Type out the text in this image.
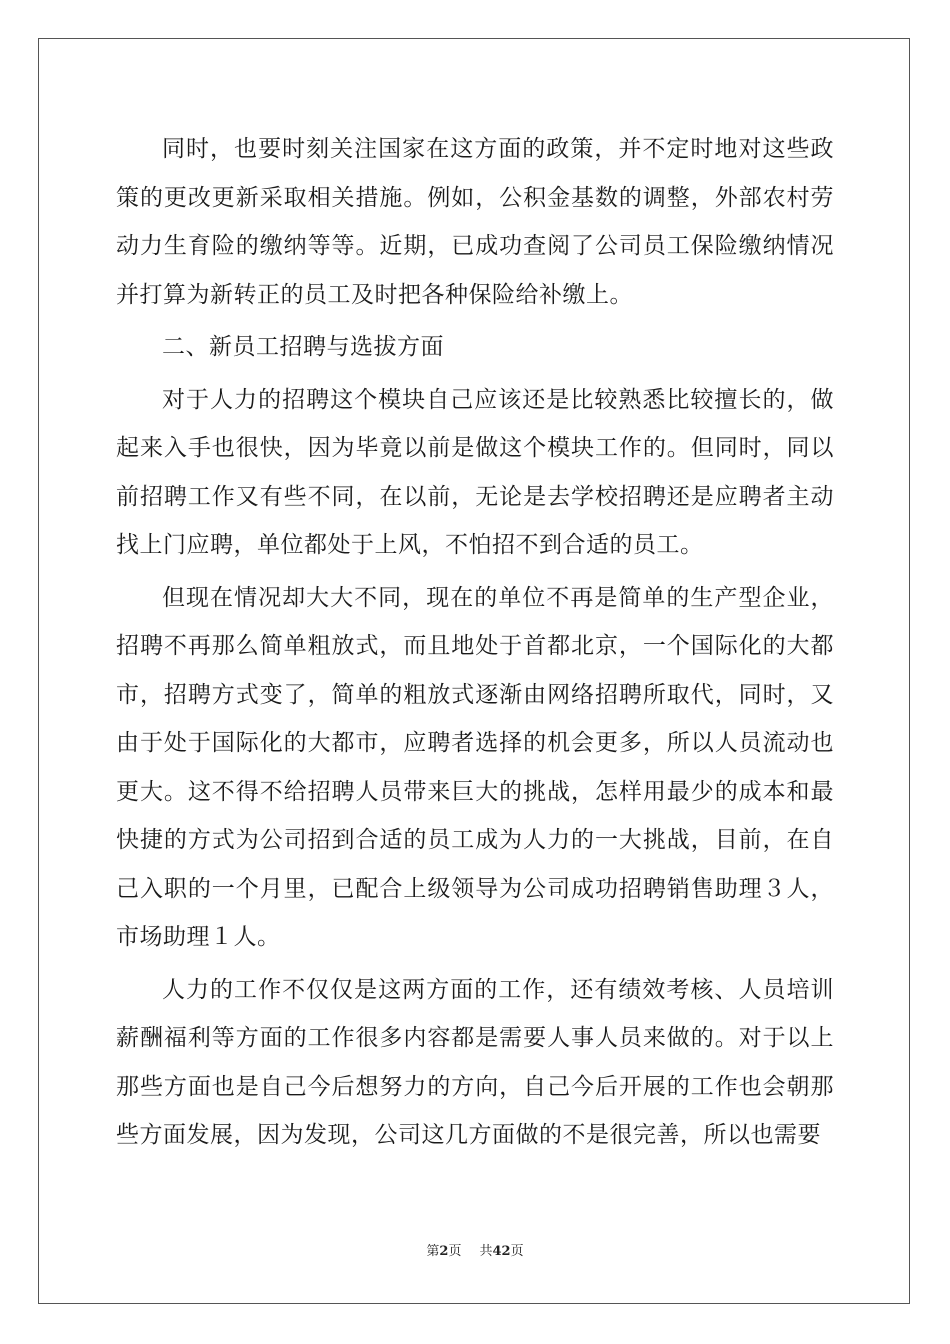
同时，也要时刻关注国家在这方面的政策，并不定时地对这些政策的更改更新采取相关措施。例如，公积金基数的调整，外部农村劳动力生育险的缴纳等等。近期，已成功查阅了公司员工保险缴纳情况并打算为新转正的员工及时把各种保险给补缴上。

二、新员工招聘与选拔方面

对于人力的招聘这个模块自己应该还是比较熟悉比较擅长的，做起来入手也很快，因为毕竟以前是做这个模块工作的。但同时，同以前招聘工作又有些不同，在以前，无论是去学校招聘还是应聘者主动找上门应聘，单位都处于上风，不怕招不到合适的员工。

但现在情况却大大不同，现在的单位不再是简单的生产型企业，招聘不再那么简单粗放式，而且地处于首都北京，一个国际化的大都市，招聘方式变了，简单的粗放式逐渐由网络招聘所取代，同时，又由于处于国际化的大都市，应聘者选择的机会更多，所以人员流动也更大。这不得不给招聘人员带来巨大的挑战，怎样用最少的成本和最快捷的方式为公司招到合适的员工成为人力的一大挑战，目前，在自己入职的一个月里，已配合上级领导为公司成功招聘销售助理３人，市场助理１人。

人力的工作不仅仅是这两方面的工作，还有绩效考核、人员培训薪酬福利等方面的工作很多内容都是需要人事人员来做的。对于以上那些方面也是自己今后想努力的方向，自己今后开展的工作也会朝那些方面发展，因为发现，公司这几方面做的不是很完善，所以也需要

第2页 共42页
